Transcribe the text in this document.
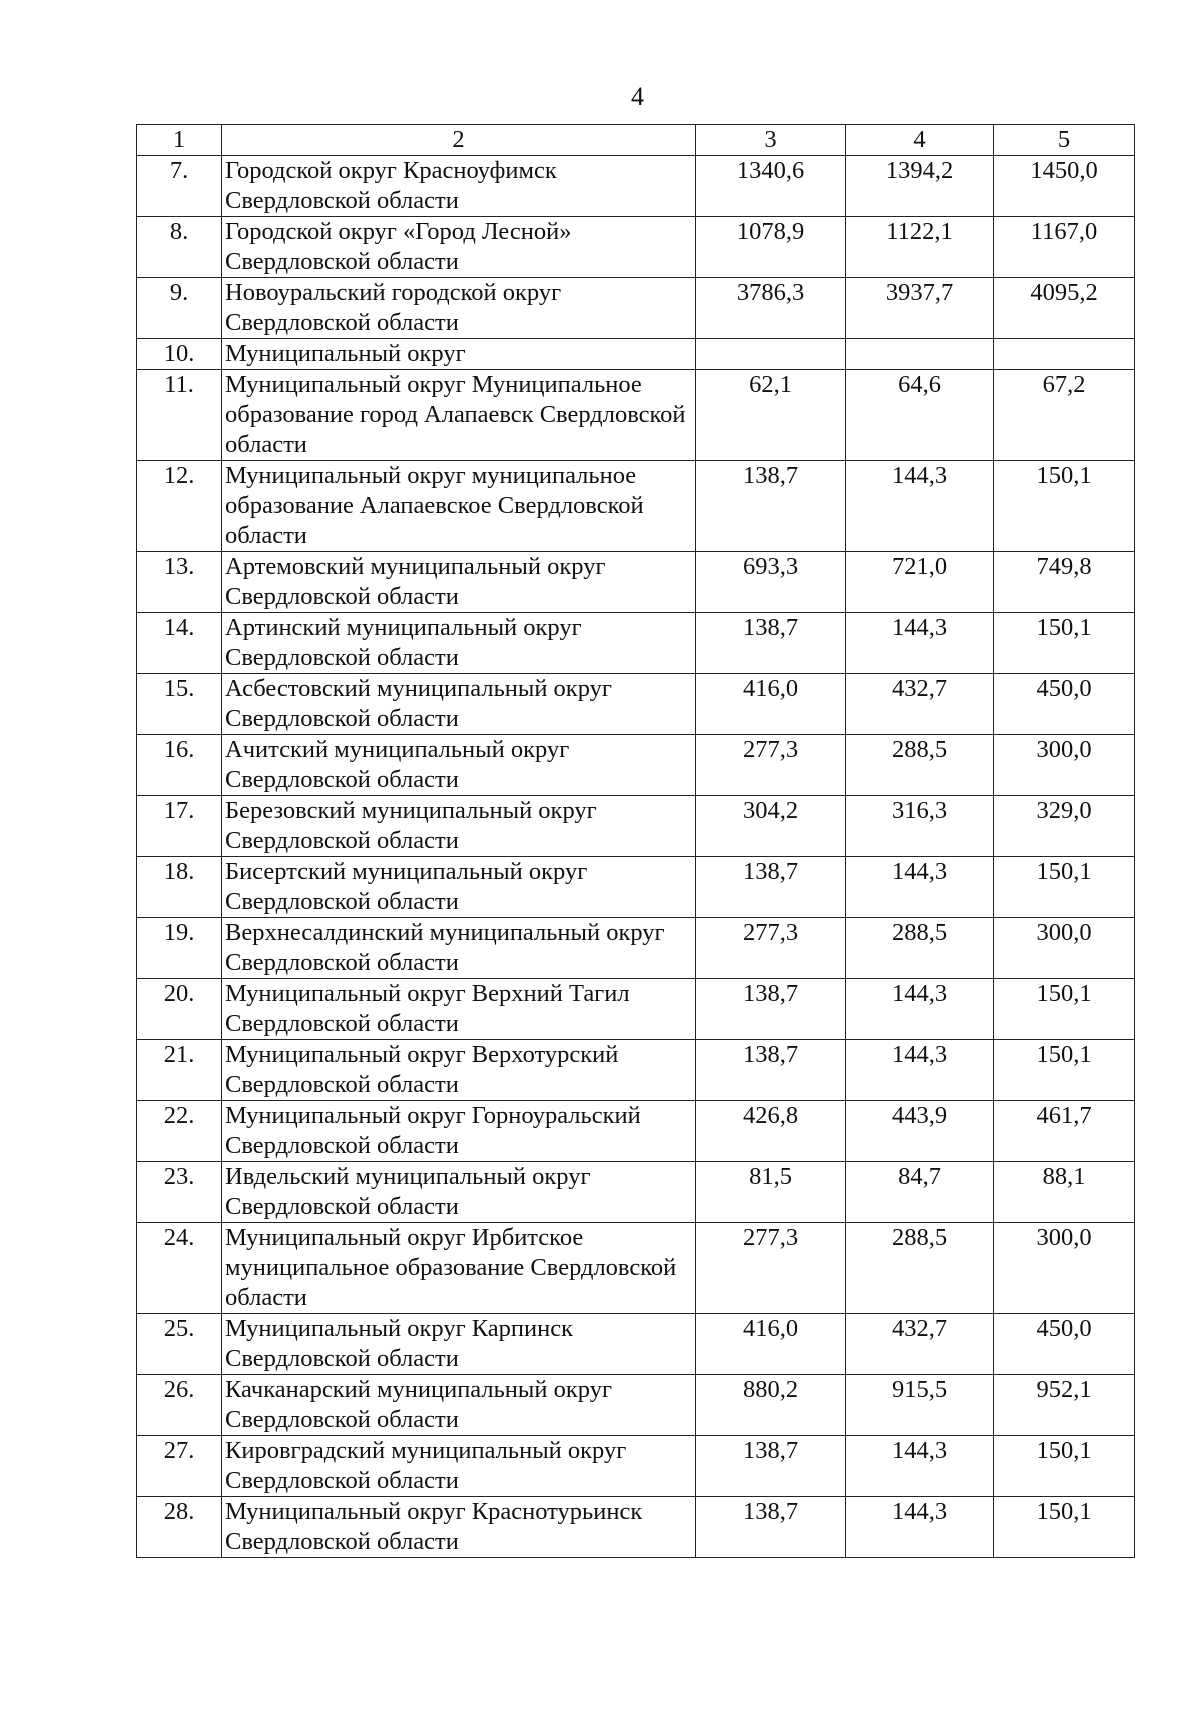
4
1	2	3	4	5
7.	Городской округ Красноуфимск Свердловской области	1340,6	1394,2	1450,0
8.	Городской округ «Город Лесной» Свердловской области	1078,9	1122,1	1167,0
9.	Новоуральский городской округ Свердловской области	3786,3	3937,7	4095,2
10.	Муниципальный округ			
11.	Муниципальный округ Муниципальное образование город Алапаевск Свердловской области	62,1	64,6	67,2
12.	Муниципальный округ муниципальное образование Алапаевское Свердловской области	138,7	144,3	150,1
13.	Артемовский муниципальный округ Свердловской области	693,3	721,0	749,8
14.	Артинский муниципальный округ Свердловской области	138,7	144,3	150,1
15.	Асбестовский муниципальный округ Свердловской области	416,0	432,7	450,0
16.	Ачитский муниципальный округ Свердловской области	277,3	288,5	300,0
17.	Березовский муниципальный округ Свердловской области	304,2	316,3	329,0
18.	Бисертский муниципальный округ Свердловской области	138,7	144,3	150,1
19.	Верхнесалдинский муниципальный округ Свердловской области	277,3	288,5	300,0
20.	Муниципальный округ Верхний Тагил Свердловской области	138,7	144,3	150,1
21.	Муниципальный округ Верхотурский Свердловской области	138,7	144,3	150,1
22.	Муниципальный округ Горноуральский Свердловской области	426,8	443,9	461,7
23.	Ивдельский муниципальный округ Свердловской области	81,5	84,7	88,1
24.	Муниципальный округ Ирбитское муниципальное образование Свердловской области	277,3	288,5	300,0
25.	Муниципальный округ Карпинск Свердловской области	416,0	432,7	450,0
26.	Качканарский муниципальный округ Свердловской области	880,2	915,5	952,1
27.	Кировградский муниципальный округ Свердловской области	138,7	144,3	150,1
28.	Муниципальный округ Краснотурьинск Свердловской области	138,7	144,3	150,1
